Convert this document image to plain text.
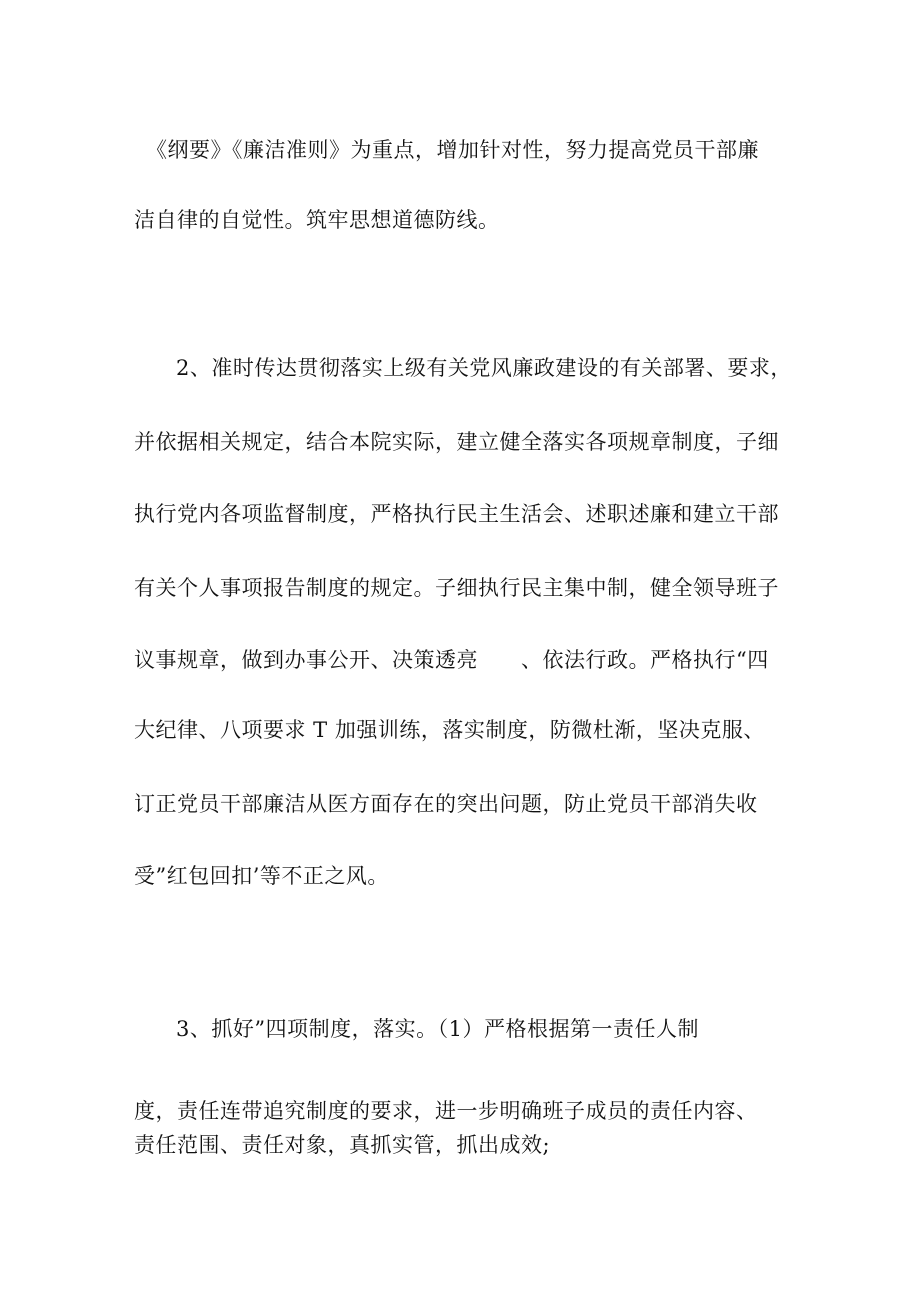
《纲要》《廉洁准则》为重点，增加针对性，努力提高党员干部廉
洁自律的自觉性。筑牢思想道德防线。
2、准时传达贯彻落实上级有关党风廉政建设的有关部署、要求，
并依据相关规定，结合本院实际，建立健全落实各项规章制度，子细
执行党内各项监督制度，严格执行民主生活会、述职述廉和建立干部
有关个人事项报告制度的规定。子细执行民主集中制，健全领导班子
议事规章，做到办事公开、决策透亮　　、依法行政。严格执行“四
大纪律、八项要求 T 加强训练，落实制度，防微杜渐，坚决克服、
订正党员干部廉洁从医方面存在的突出问题，防止党员干部消失收
受”红包回扣’等不正之风。
3、抓好”四项制度，落实。（1）严格根据第一责任人制
度，责任连带追究制度的要求，进一步明确班子成员的责任内容、
责任范围、责任对象，真抓实管，抓出成效;
